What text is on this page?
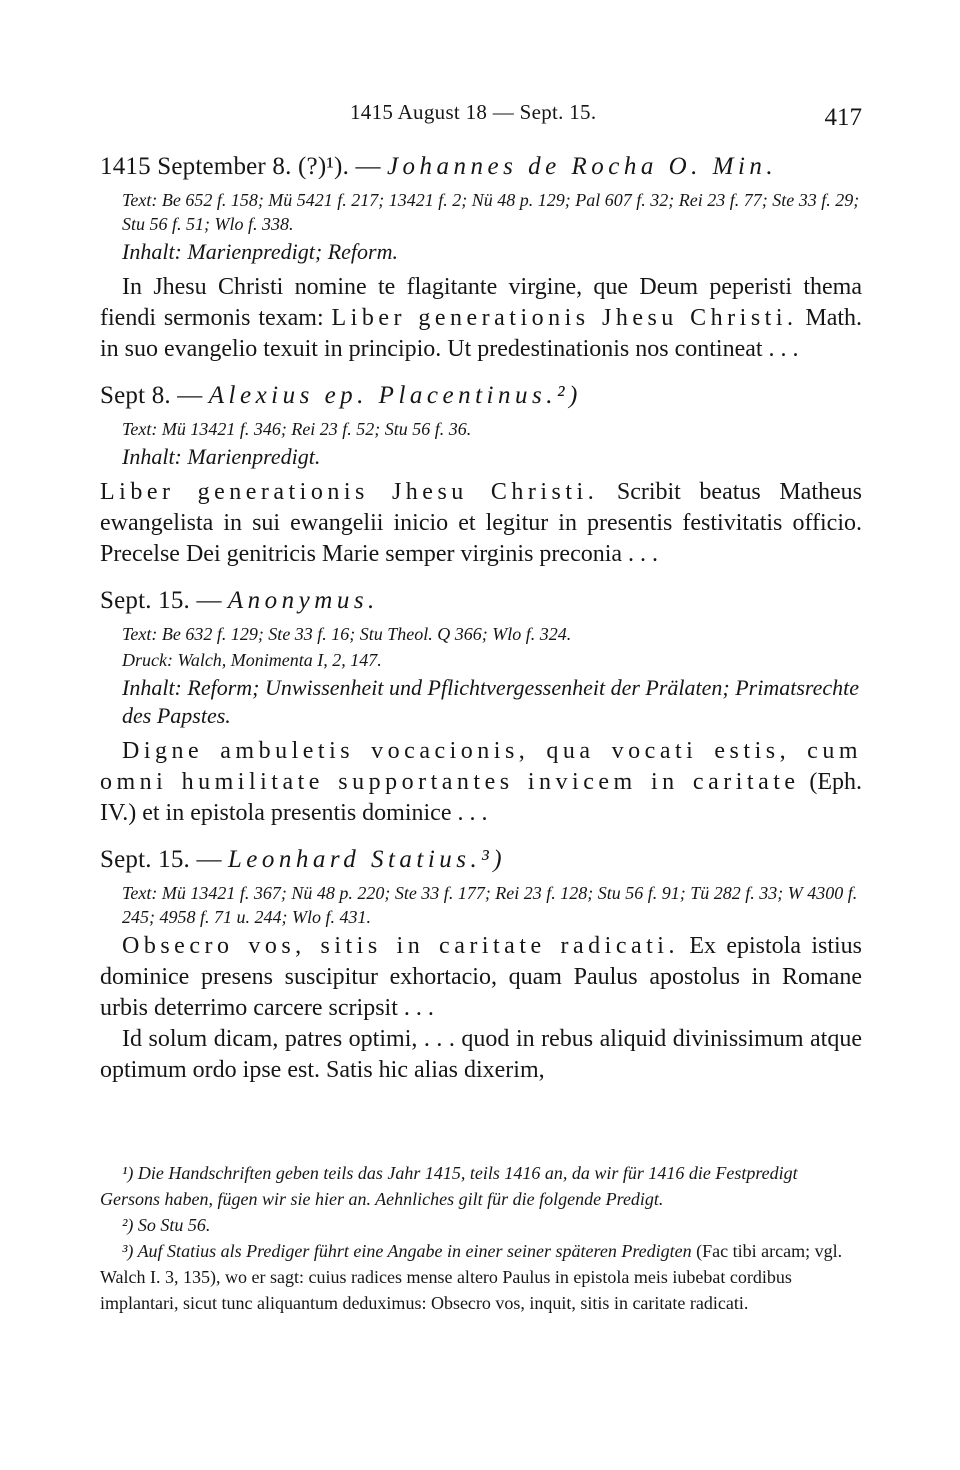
1415 August 18 — Sept. 15.	417

1415 September 8. (?)¹). — Johannes de Rocha O. Min.

Text: Be 652 f. 158; Mü 5421 f. 217; 13421 f. 2; Nü 48 p. 129; Pal 607 f. 32; Rei 23 f. 77; Ste 33 f. 29; Stu 56 f. 51; Wlo f. 338.

Inhalt: Marienpredigt; Reform.

In Jhesu Christi nomine te flagitante virgine, que Deum peperisti thema fiendi sermonis texam: Liber generationis Jhesu Christi. Math. in suo evangelio texuit in principio. Ut predestinationis nos contineat . . .

Sept 8. — Alexius ep. Placentinus.²)

Text: Mü 13421 f. 346; Rei 23 f. 52; Stu 56 f. 36.

Inhalt: Marienpredigt.

Liber generationis Jhesu Christi. Scribit beatus Matheus ewangelista in sui ewangelii inicio et legitur in presentis festivitatis officio. Precelse Dei genitricis Marie semper virginis preconia . . .

Sept. 15. — Anonymus.

Text: Be 632 f. 129; Ste 33 f. 16; Stu Theol. Q 366; Wlo f. 324.

Druck: Walch, Monimenta I, 2, 147.

Inhalt: Reform; Unwissenheit und Pflichtvergessenheit der Prälaten; Primatsrechte des Papstes.

Digne ambuletis vocacionis, qua vocati estis, cum omni humilitate supportantes invicem in caritate (Eph. IV.) et in epistola presentis dominice . . .

Sept. 15. — Leonhard Statius.³)

Text: Mü 13421 f. 367; Nü 48 p. 220; Ste 33 f. 177; Rei 23 f. 128; Stu 56 f. 91; Tü 282 f. 33; W 4300 f. 245; 4958 f. 71 u. 244; Wlo f. 431.

Obsecro vos, sitis in caritate radicati. Ex epistola istius dominice presens suscipitur exhortacio, quam Paulus apostolus in Romane urbis deterrimo carcere scripsit . . .

Id solum dicam, patres optimi, . . . quod in rebus aliquid divinissimum atque optimum ordo ipse est. Satis hic alias dixerim,

¹) Die Handschriften geben teils das Jahr 1415, teils 1416 an, da wir für 1416 die Festpredigt Gersons haben, fügen wir sie hier an. Aehnliches gilt für die folgende Predigt.

²) So Stu 56.

³) Auf Statius als Prediger führt eine Angabe in einer seiner späteren Predigten (Fac tibi arcam; vgl. Walch I. 3, 135), wo er sagt: cuius radices mense altero Paulus in epistola meis iubebat cordibus implantari, sicut tunc aliquantum deduximus: Obsecro vos, inquit, sitis in caritate radicati.
